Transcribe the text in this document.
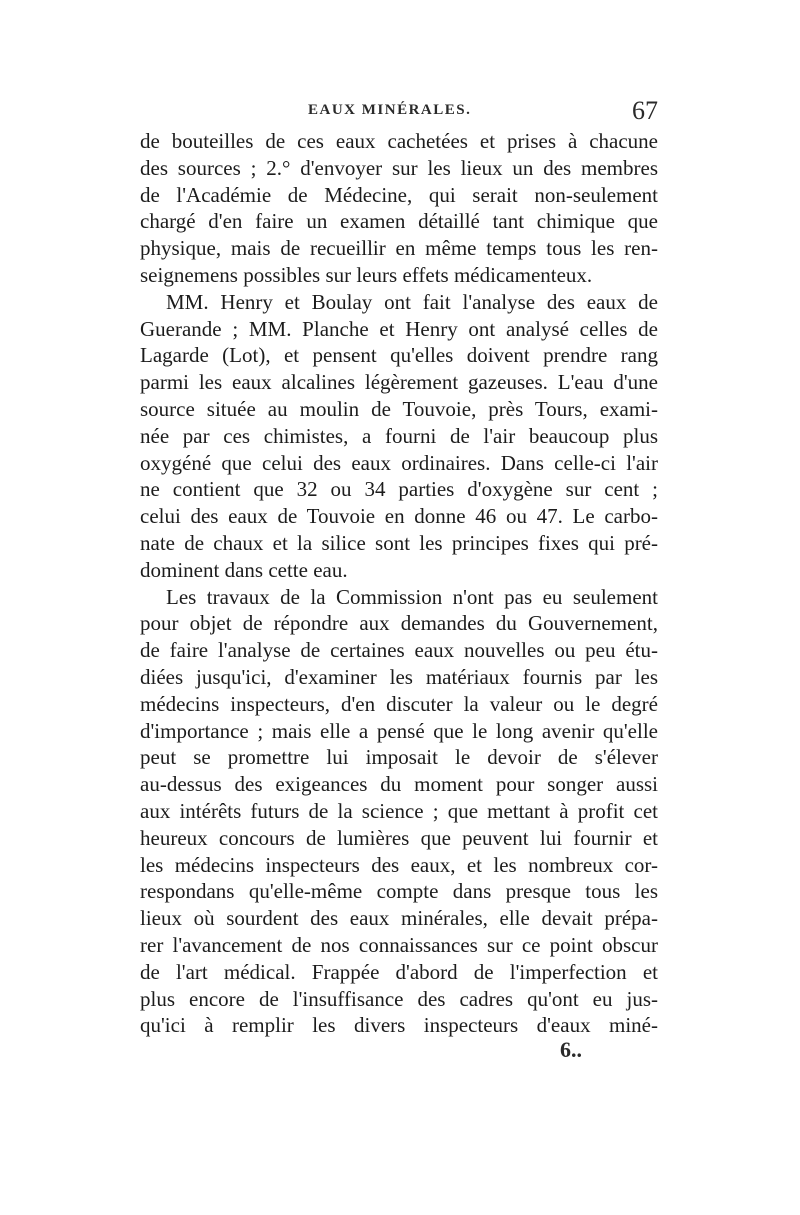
EAUX MINÉRALES.	67
de bouteilles de ces eaux cachetées et prises à chacune
des sources ; 2.° d'envoyer sur les lieux un des membres
de l'Académie de Médecine, qui serait non-seulement
chargé d'en faire un examen détaillé tant chimique que
physique, mais de recueillir en même temps tous les ren-
seignemens possibles sur leurs effets médicamenteux.
MM. Henry et Boulay ont fait l'analyse des eaux de
Guerande ; MM. Planche et Henry ont analysé celles de
Lagarde (Lot), et pensent qu'elles doivent prendre rang
parmi les eaux alcalines légèrement gazeuses. L'eau d'une
source située au moulin de Touvoie, près Tours, exami-
née par ces chimistes, a fourni de l'air beaucoup plus
oxygéné que celui des eaux ordinaires. Dans celle-ci l'air
ne contient que 32 ou 34 parties d'oxygène sur cent ;
celui des eaux de Touvoie en donne 46 ou 47. Le carbo-
nate de chaux et la silice sont les principes fixes qui pré-
dominent dans cette eau.
Les travaux de la Commission n'ont pas eu seulement
pour objet de répondre aux demandes du Gouvernement,
de faire l'analyse de certaines eaux nouvelles ou peu étu-
diées jusqu'ici, d'examiner les matériaux fournis par les
médecins inspecteurs, d'en discuter la valeur ou le degré
d'importance ; mais elle a pensé que le long avenir qu'elle
peut se promettre lui imposait le devoir de s'élever
au-dessus des exigeances du moment pour songer aussi
aux intérêts futurs de la science ; que mettant à profit cet
heureux concours de lumières que peuvent lui fournir et
les médecins inspecteurs des eaux, et les nombreux cor-
respondans qu'elle-même compte dans presque tous les
lieux où sourdent des eaux minérales, elle devait prépa-
rer l'avancement de nos connaissances sur ce point obscur
de l'art médical. Frappée d'abord de l'imperfection et
plus encore de l'insuffisance des cadres qu'ont eu jus-
qu'ici à remplir les divers inspecteurs d'eaux miné-
6..
